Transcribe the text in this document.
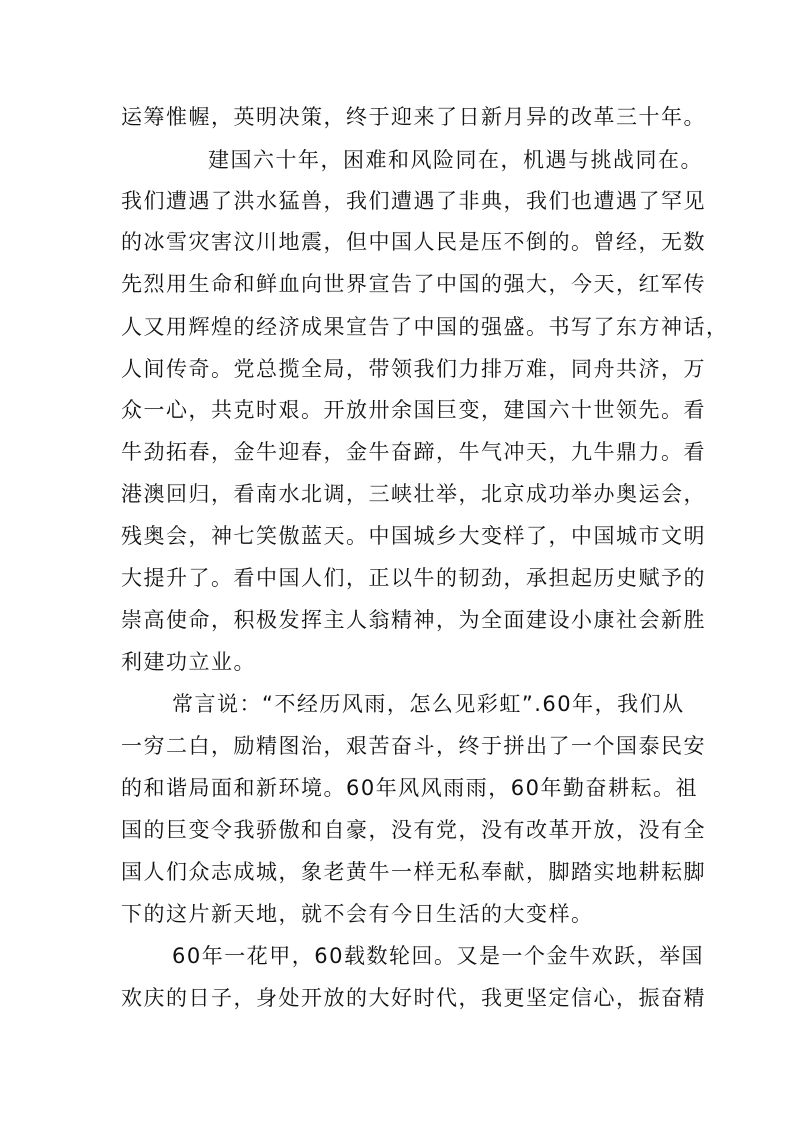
运筹惟幄，英明决策，终于迎来了日新月异的改革三十年。
建国六十年，困难和风险同在，机遇与挑战同在。
我们遭遇了洪水猛兽，我们遭遇了非典，我们也遭遇了罕见
的冰雪灾害汶川地震，但中国人民是压不倒的。曾经，无数
先烈用生命和鲜血向世界宣告了中国的强大，今天，红军传
人又用辉煌的经济成果宣告了中国的强盛。书写了东方神话，
人间传奇。党总揽全局，带领我们力排万难，同舟共济，万
众一心，共克时艰。开放卅余国巨变，建国六十世领先。看
牛劲拓春，金牛迎春，金牛奋蹄，牛气冲天，九牛鼎力。看
港澳回归，看南水北调，三峡壮举，北京成功举办奥运会，
残奥会，神七笑傲蓝天。中国城乡大变样了，中国城市文明
大提升了。看中国人们，正以牛的韧劲，承担起历史赋予的
崇高使命，积极发挥主人翁精神，为全面建设小康社会新胜
利建功立业。
常言说：“不经历风雨，怎么见彩虹”.60年，我们从
一穷二白，励精图治，艰苦奋斗，终于拼出了一个国泰民安
的和谐局面和新环境。60年风风雨雨，60年勤奋耕耘。祖
国的巨变令我骄傲和自豪，没有党，没有改革开放，没有全
国人们众志成城，象老黄牛一样无私奉献，脚踏实地耕耘脚
下的这片新天地，就不会有今日生活的大变样。
60年一花甲，60载数轮回。又是一个金牛欢跃，举国
欢庆的日子，身处开放的大好时代，我更坚定信心，振奋精
